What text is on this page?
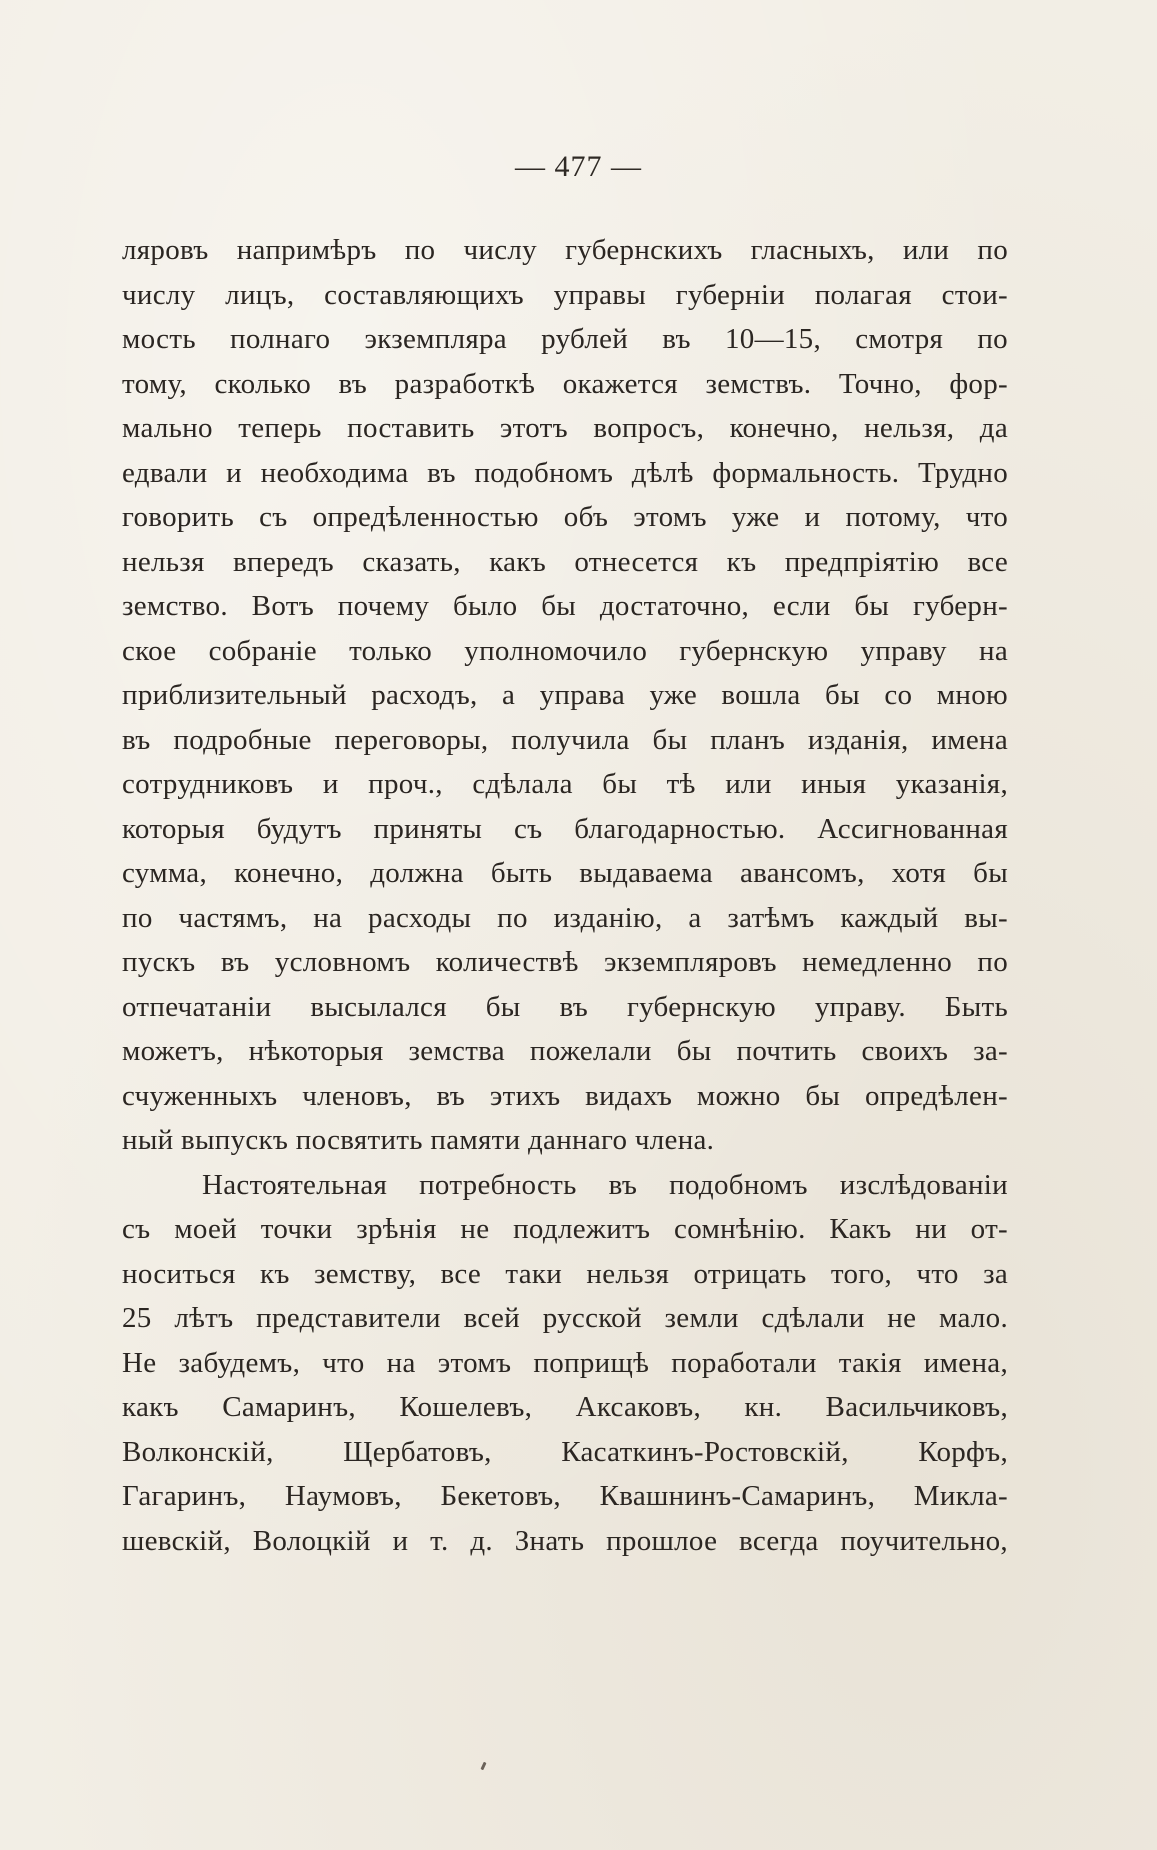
— 477 —
ляровъ напримѣръ по числу губернскихъ гласныхъ, или по
числу лицъ, составляющихъ управы губерніи полагая стои-
мость полнаго экземпляра рублей въ 10—15, смотря по
тому, сколько въ разработкѣ окажется земствъ. Точно, фор-
мально теперь поставить этотъ вопросъ, конечно, нельзя, да
едвали и необходима въ подобномъ дѣлѣ формальность. Трудно
говорить съ опредѣленностью объ этомъ уже и потому, что
нельзя впередъ сказать, какъ отнесется къ предпріятію все
земство. Вотъ почему было бы достаточно, если бы губерн-
ское собраніе только уполномочило губернскую управу на
приблизительный расходъ, а управа уже вошла бы со мною
въ подробные переговоры, получила бы планъ изданія, имена
сотрудниковъ и проч., сдѣлала бы тѣ или иныя указанія,
которыя будутъ приняты съ благодарностью. Ассигнованная
сумма, конечно, должна быть выдаваема авансомъ, хотя бы
по частямъ, на расходы по изданію, а затѣмъ каждый вы-
пускъ въ условномъ количествѣ экземпляровъ немедленно по
отпечатаніи высылался бы въ губернскую управу. Быть
можетъ, нѣкоторыя земства пожелали бы почтить своихъ за-
счуженныхъ членовъ, въ этихъ видахъ можно бы опредѣлен-
ный выпускъ посвятить памяти даннаго члена.
Настоятельная потребность въ подобномъ изслѣдованіи
съ моей точки зрѣнія не подлежитъ сомнѣнію. Какъ ни от-
носиться къ земству, все таки нельзя отрицать того, что за
25 лѣтъ представители всей русской земли сдѣлали не мало.
Не забудемъ, что на этомъ поприщѣ поработали такія имена,
какъ Самаринъ, Кошелевъ, Аксаковъ, кн. Васильчиковъ,
Волконскій, Щербатовъ, Касаткинъ-Ростовскій, Корфъ,
Гагаринъ, Наумовъ, Бекетовъ, Квашнинъ-Самаринъ, Микла-
шевскій, Волоцкій и т. д. Знать прошлое всегда поучительно,
